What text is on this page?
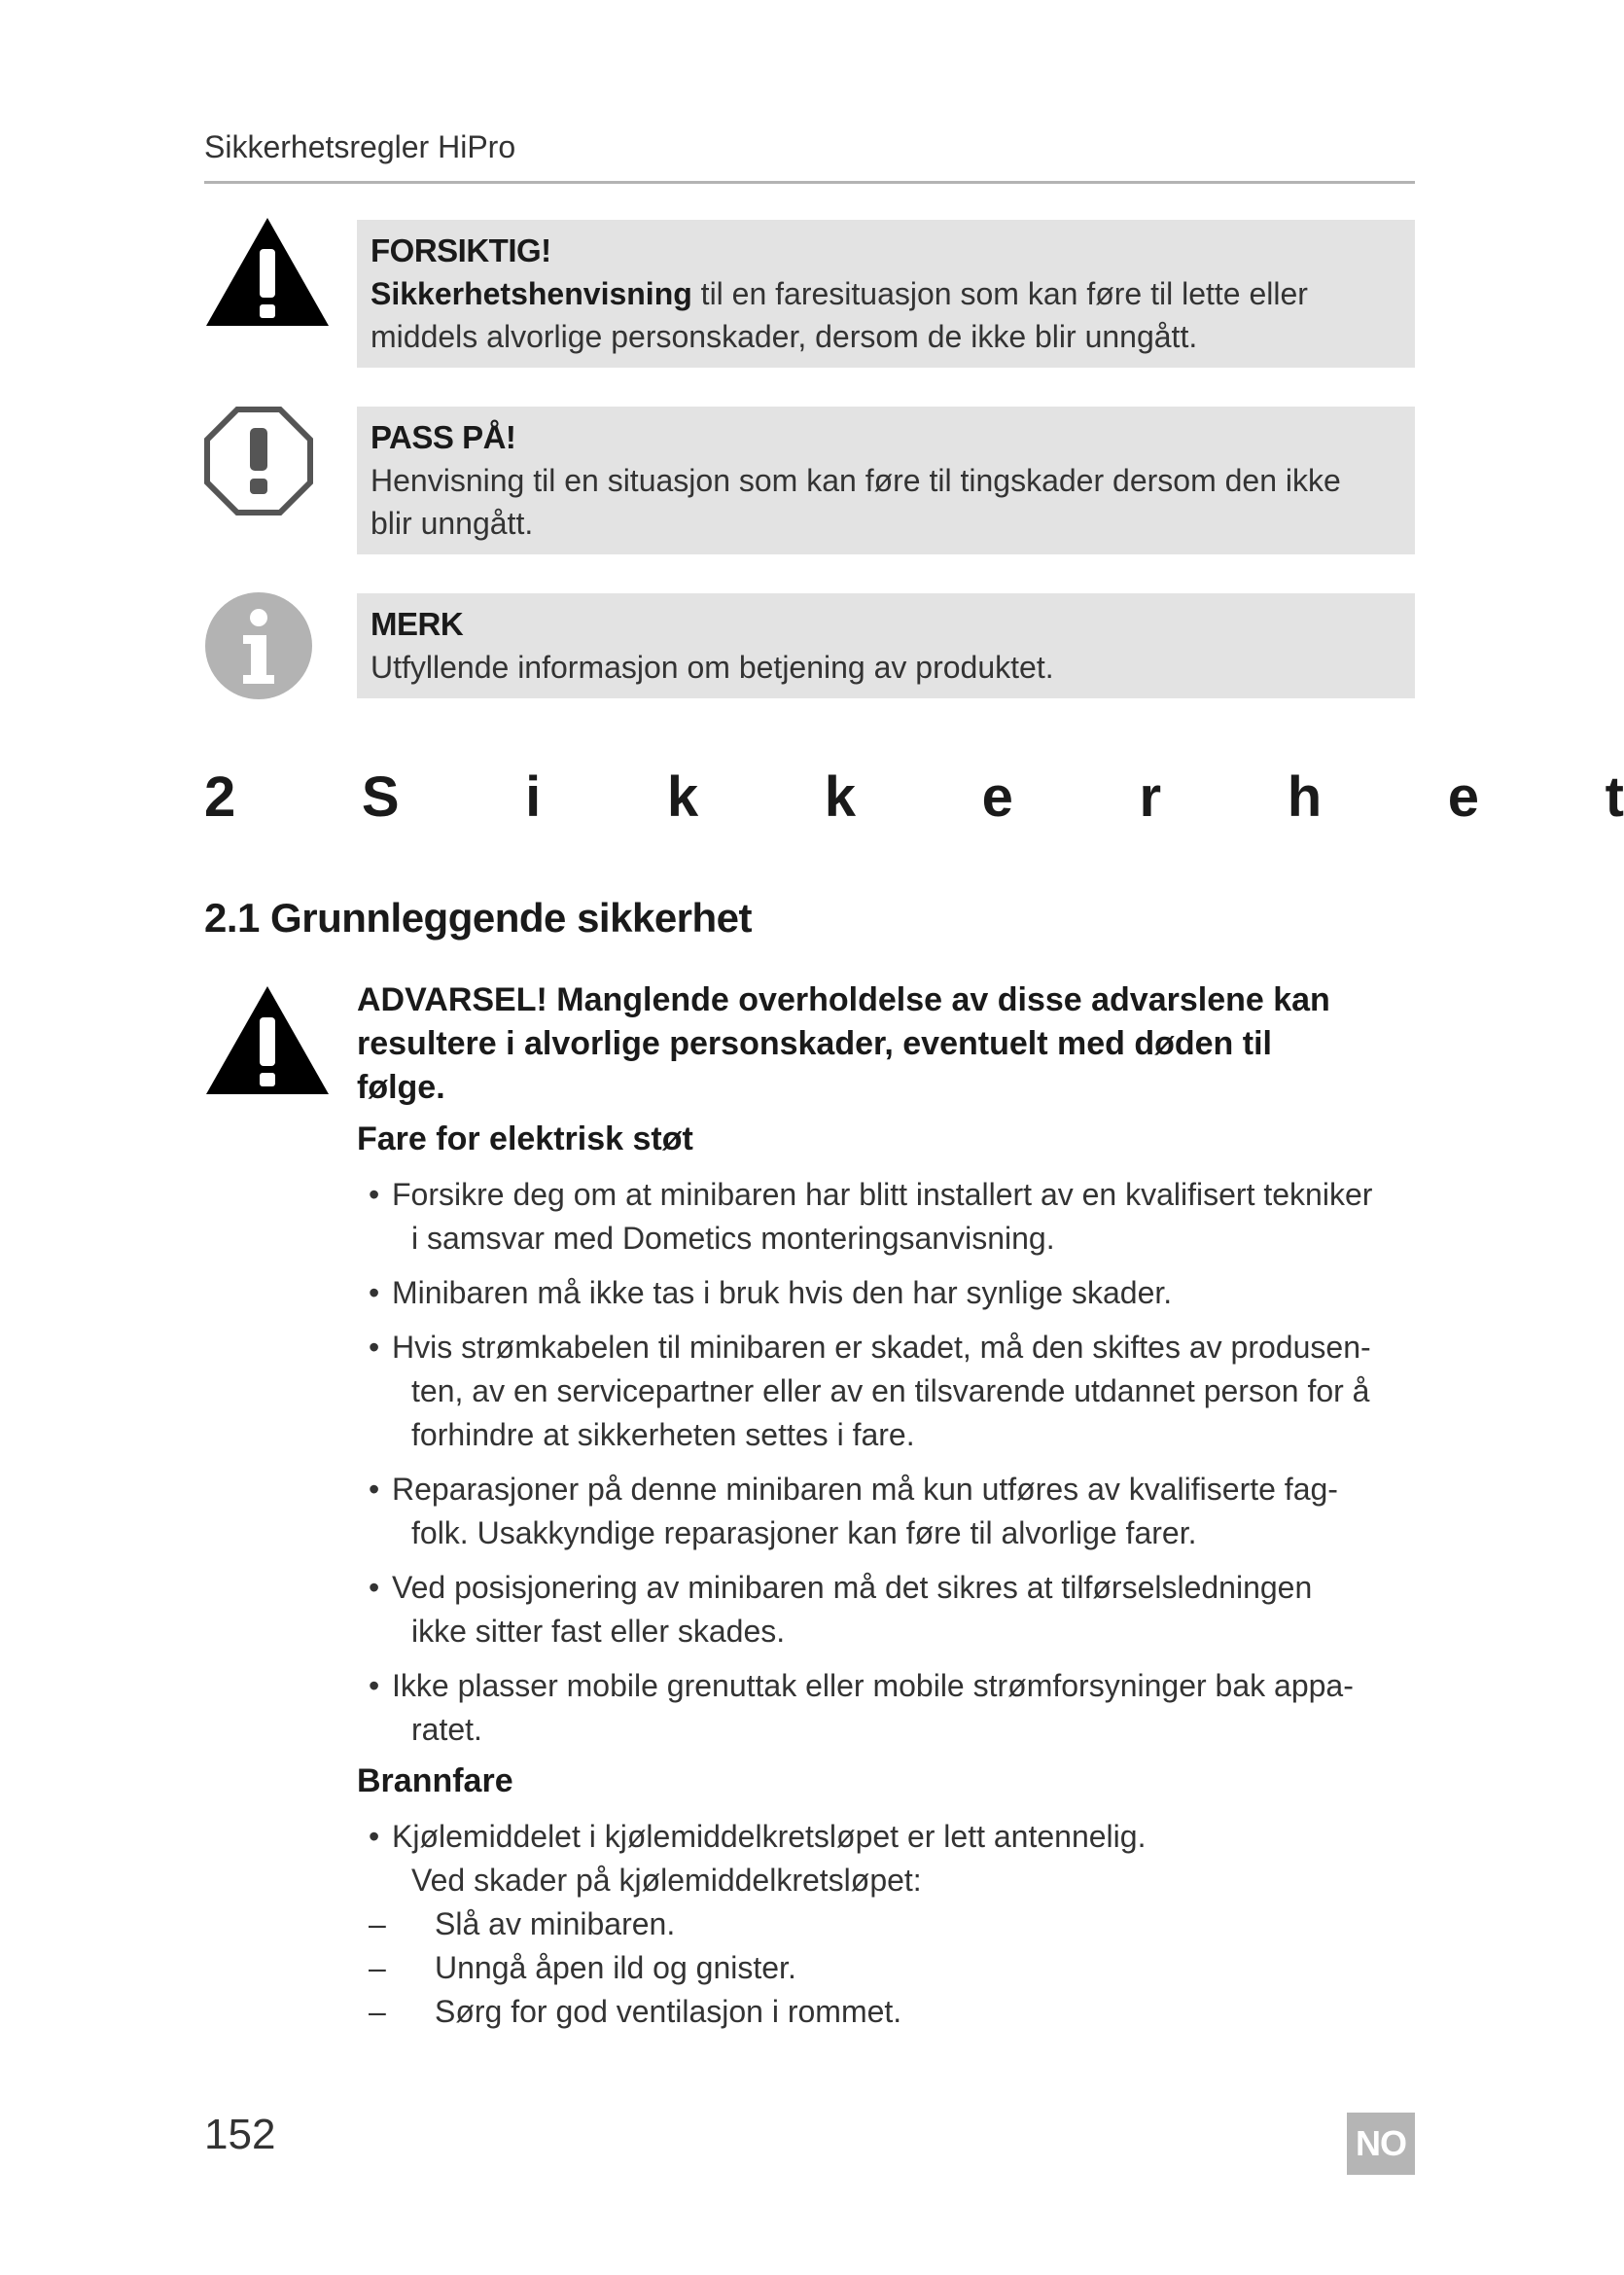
Sikkerhetsregler HiPro
FORSIKTIG!
Sikkerhetshenvisning til en faresituasjon som kan føre til lette eller
middels alvorlige personskader, dersom de ikke blir unngått.
PASS PÅ!
Henvisning til en situasjon som kan føre til tingskader dersom den ikke
blir unngått.
MERK
Utfyllende informasjon om betjening av produktet.
2 S i k k e r h e t
2.1 Grunnleggende sikkerhet
ADVARSEL! Manglende overholdelse av disse advarslene kan
resultere i alvorlige personskader, eventuelt med døden til
følge.
Fare for elektrisk støt
• Forsikre deg om at minibaren har blitt installert av en kvalifisert tekniker
i samsvar med Dometics monteringsanvisning.
• Minibaren må ikke tas i bruk hvis den har synlige skader.
• Hvis strømkabelen til minibaren er skadet, må den skiftes av produsen-
ten, av en servicepartner eller av en tilsvarende utdannet person for å
forhindre at sikkerheten settes i fare.
• Reparasjoner på denne minibaren må kun utføres av kvalifiserte fag-
folk. Usakkyndige reparasjoner kan føre til alvorlige farer.
• Ved posisjonering av minibaren må det sikres at tilførselsledningen
ikke sitter fast eller skades.
• Ikke plasser mobile grenuttak eller mobile strømforsyninger bak appa-
ratet.
Brannfare
• Kjølemiddelet i kjølemiddelkretsløpet er lett antennelig.
Ved skader på kjølemiddelkretsløpet:
– Slå av minibaren.
– Unngå åpen ild og gnister.
– Sørg for god ventilasjon i rommet.
152	NO
